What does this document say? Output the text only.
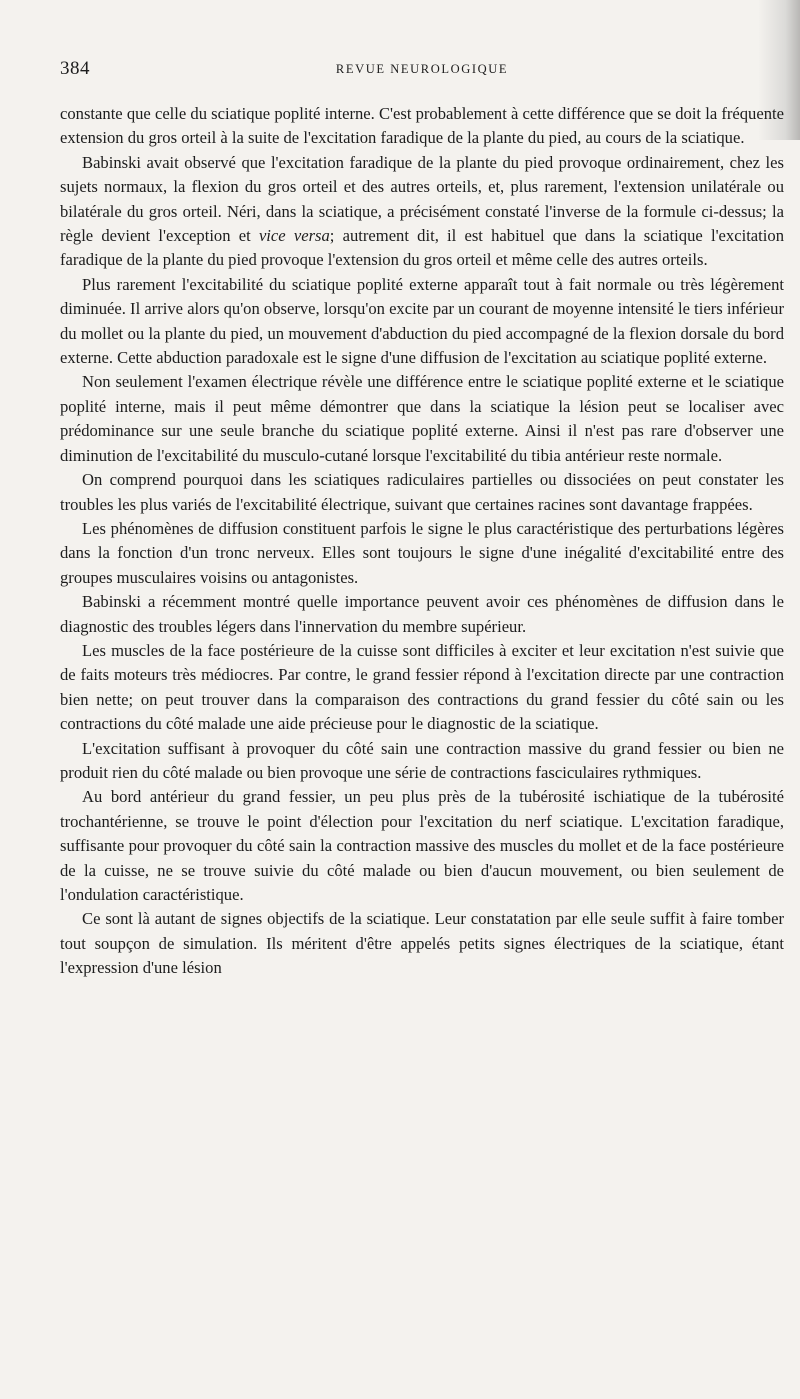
384	REVUE NEUROLOGIQUE

constante que celle du sciatique poplité interne. C'est probablement à cette différence que se doit la fréquente extension du gros orteil à la suite de l'excitation faradique de la plante du pied, au cours de la sciatique.

Babinski avait observé que l'excitation faradique de la plante du pied provoque ordinairement, chez les sujets normaux, la flexion du gros orteil et des autres orteils, et, plus rarement, l'extension unilatérale ou bilatérale du gros orteil. Néri, dans la sciatique, a précisément constaté l'inverse de la formule ci-dessus; la règle devient l'exception et vice versa; autrement dit, il est habituel que dans la sciatique l'excitation faradique de la plante du pied provoque l'extension du gros orteil et même celle des autres orteils.

Plus rarement l'excitabilité du sciatique poplité externe apparaît tout à fait normale ou très légèrement diminuée. Il arrive alors qu'on observe, lorsqu'on excite par un courant de moyenne intensité le tiers inférieur du mollet ou la plante du pied, un mouvement d'abduction du pied accompagné de la flexion dorsale du bord externe. Cette abduction paradoxale est le signe d'une diffusion de l'excitation au sciatique poplité externe.

Non seulement l'examen électrique révèle une différence entre le sciatique poplité externe et le sciatique poplité interne, mais il peut même démontrer que dans la sciatique la lésion peut se localiser avec prédominance sur une seule branche du sciatique poplité externe. Ainsi il n'est pas rare d'observer une diminution de l'excitabilité du musculo-cutané lorsque l'excitabilité du tibia antérieur reste normale.

On comprend pourquoi dans les sciatiques radiculaires partielles ou dissociées on peut constater les troubles les plus variés de l'excitabilité électrique, suivant que certaines racines sont davantage frappées.

Les phénomènes de diffusion constituent parfois le signe le plus caractéristique des perturbations légères dans la fonction d'un tronc nerveux. Elles sont toujours le signe d'une inégalité d'excitabilité entre des groupes musculaires voisins ou antagonistes.

Babinski a récemment montré quelle importance peuvent avoir ces phénomènes de diffusion dans le diagnostic des troubles légers dans l'innervation du membre supérieur.

Les muscles de la face postérieure de la cuisse sont difficiles à exciter et leur excitation n'est suivie que de faits moteurs très médiocres. Par contre, le grand fessier répond à l'excitation directe par une contraction bien nette; on peut trouver dans la comparaison des contractions du grand fessier du côté sain ou les contractions du côté malade une aide précieuse pour le diagnostic de la sciatique.

L'excitation suffisant à provoquer du côté sain une contraction massive du grand fessier ou bien ne produit rien du côté malade ou bien provoque une série de contractions fasciculaires rythmiques.

Au bord antérieur du grand fessier, un peu plus près de la tubérosité ischiatique de la tubérosité trochantérienne, se trouve le point d'élection pour l'excitation du nerf sciatique. L'excitation faradique, suffisante pour provoquer du côté sain la contraction massive des muscles du mollet et de la face postérieure de la cuisse, ne se trouve suivie du côté malade ou bien d'aucun mouvement, ou bien seulement de l'ondulation caractéristique.

Ce sont là autant de signes objectifs de la sciatique. Leur constatation par elle seule suffit à faire tomber tout soupçon de simulation. Ils méritent d'être appelés petits signes électriques de la sciatique, étant l'expression d'une lésion
